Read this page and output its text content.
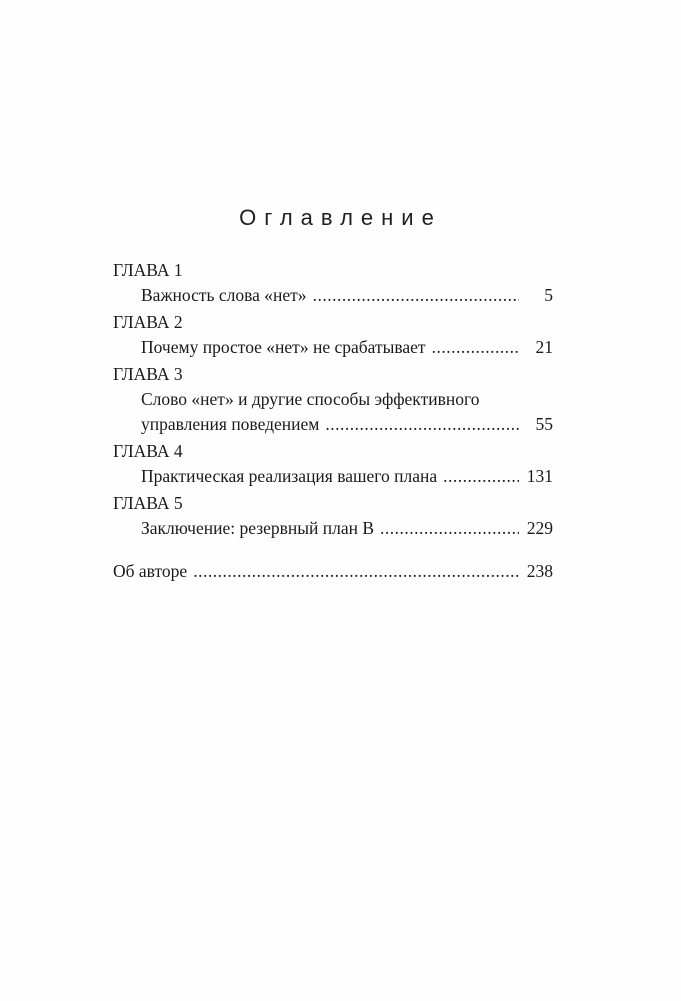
Оглавление
ГЛАВА 1
Важность слова «нет» .....	5
ГЛАВА 2
Почему простое «нет» не срабатывает .....	21
ГЛАВА 3
Слово «нет» и другие способы эффективного
управления поведением .....	55
ГЛАВА 4
Практическая реализация вашего плана .....	131
ГЛАВА 5
Заключение: резервный план B .....	229
Об авторе .....	238
